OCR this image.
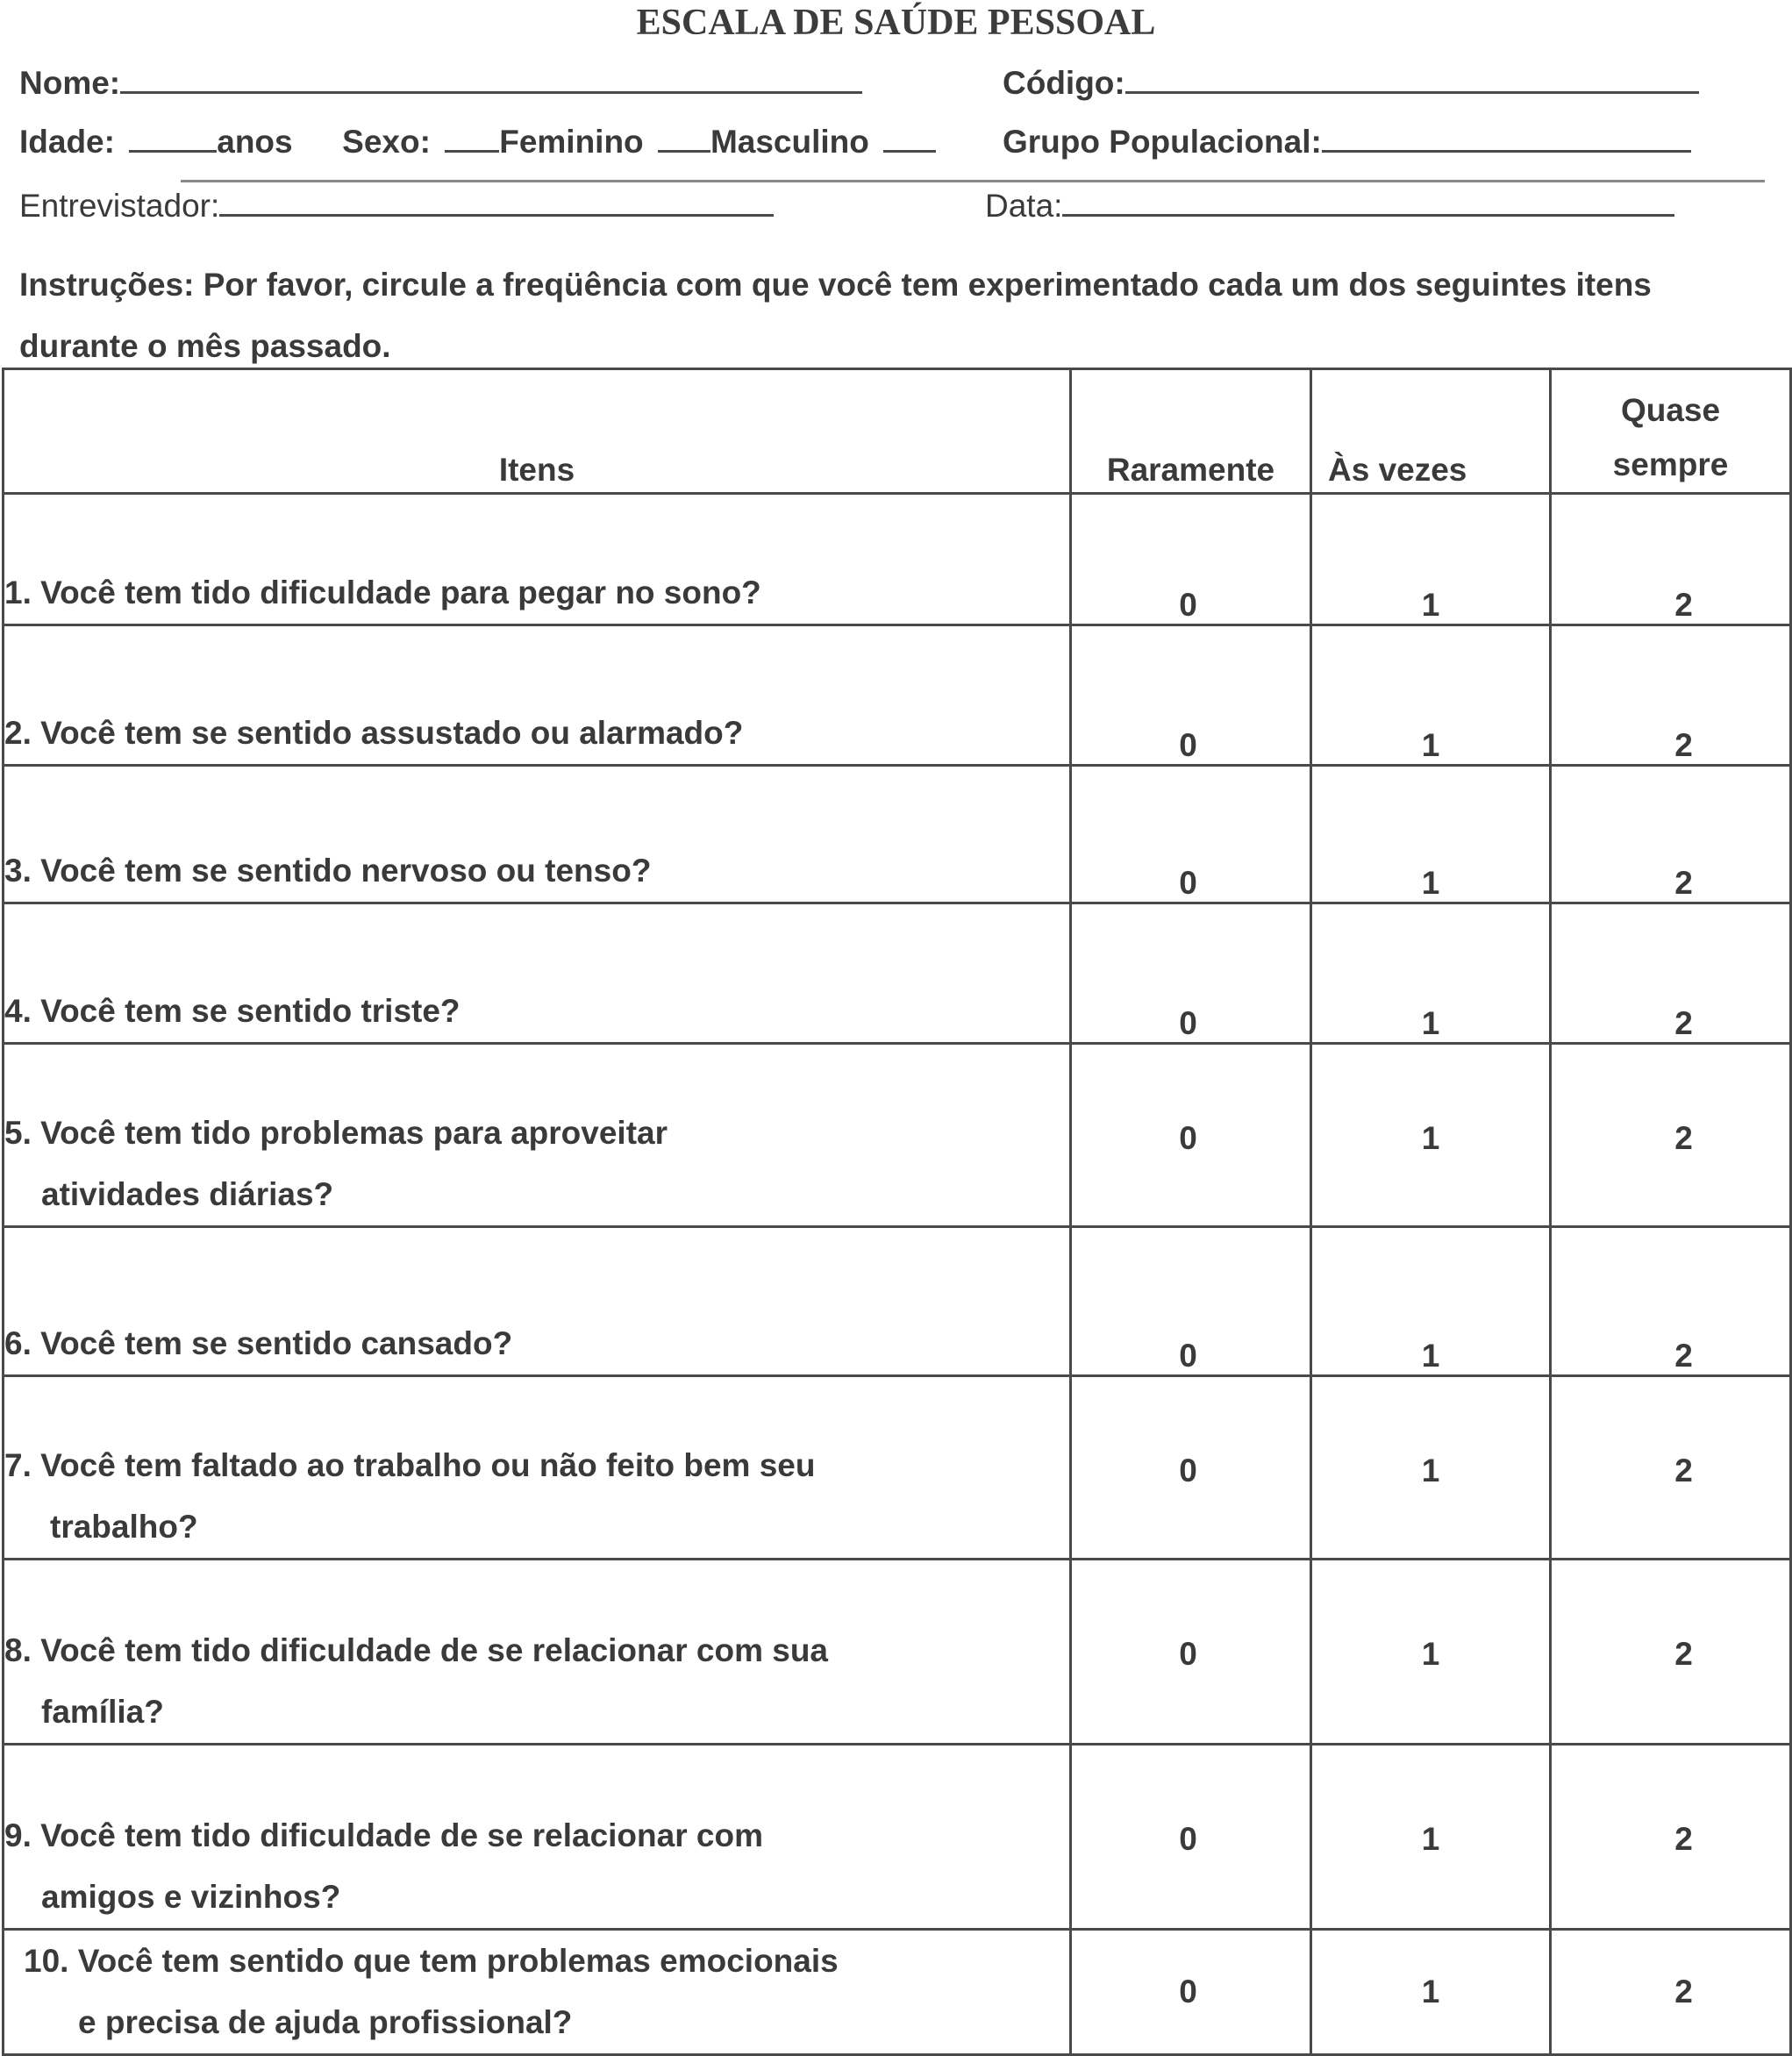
ESCALA DE SAÚDE PESSOAL
Nome:	Código:
Idade:	anos Sexo: Feminino Masculino	Grupo Populacional:
Entrevistador:	Data:
Instruções: Por favor, circule a freqüência com que você tem experimentado cada um dos seguintes itens
durante o mês passado.
Itens	Raramente	Às vezes	Quase
sempre

1. Você tem tido dificuldade para pegar no sono?	0	1	2

2. Você tem se sentido assustado ou alarmado?	0	1	2

3. Você tem se sentido nervoso ou tenso?	0	1	2

4. Você tem se sentido triste?	0	1	2

5. Você tem tido problemas para aproveitar
atividades diárias?	0	1	2

6. Você tem se sentido cansado?	0	1	2

7. Você tem faltado ao trabalho ou não feito bem seu
trabalho?	0	1	2

8. Você tem tido dificuldade de se relacionar com sua
família?	0	1	2

9. Você tem tido dificuldade de se relacionar com
amigos e vizinhos?	0	1	2

10. Você tem sentido que tem problemas emocionais
e precisa de ajuda profissional?	0	1	2
